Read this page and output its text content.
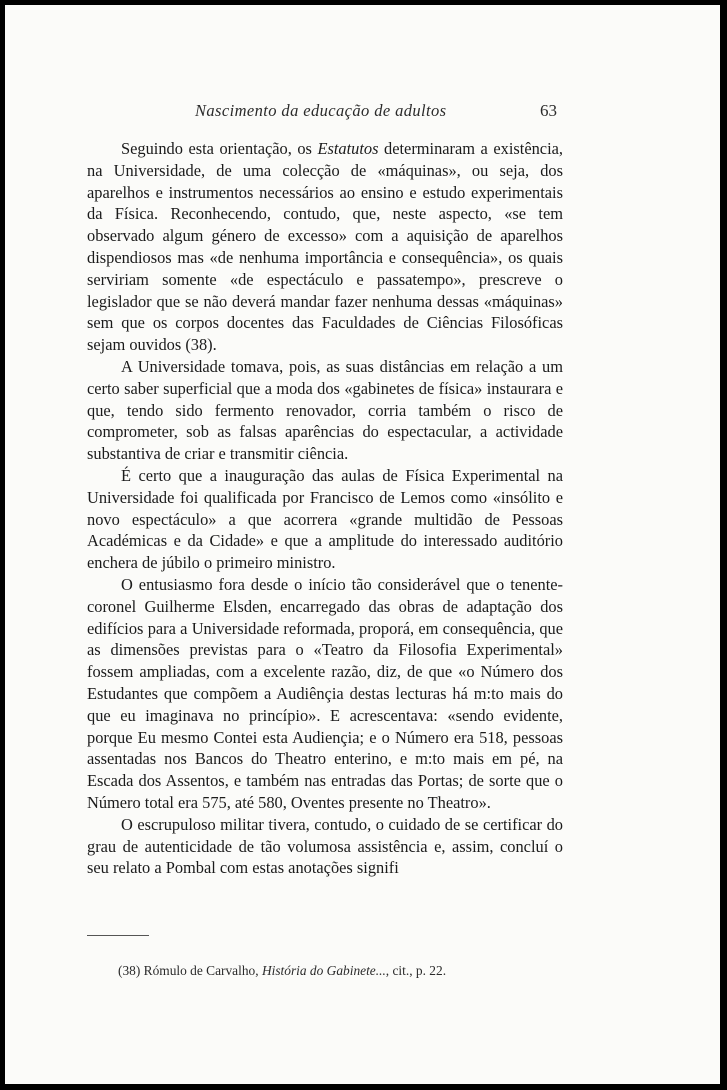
Nascimento da educação de adultos	63

Seguindo esta orientação, os Estatutos determinaram a existência, na Universidade, de uma colecção de «máquinas», ou seja, dos aparelhos e instrumentos necessários ao ensino e estudo experimentais da Física. Reconhecendo, contudo, que, neste aspecto, «se tem observado algum género de excesso» com a aquisição de aparelhos dispendiosos mas «de nenhuma importância e consequência», os quais serviriam somente «de espectáculo e passatempo», prescreve o legislador que se não deverá mandar fazer nenhuma dessas «máquinas» sem que os corpos docentes das Faculdades de Ciências Filosóficas sejam ouvidos (38).

A Universidade tomava, pois, as suas distâncias em relação a um certo saber superficial que a moda dos «gabinetes de física» instaurara e que, tendo sido fermento renovador, corria também o risco de comprometer, sob as falsas aparências do espectacular, a actividade substantiva de criar e transmitir ciência.

É certo que a inauguração das aulas de Física Experimental na Universidade foi qualificada por Francisco de Lemos como «insólito e novo espectáculo» a que acorrera «grande multidão de Pessoas Académicas e da Cidade» e que a amplitude do interessado auditório enchera de júbilo o primeiro ministro.

O entusiasmo fora desde o início tão considerável que o tenente-coronel Guilherme Elsden, encarregado das obras de adaptação dos edifícios para a Universidade reformada, proporá, em consequência, que as dimensões previstas para o «Teatro da Filosofia Experimental» fossem ampliadas, com a excelente razão, diz, de que «o Número dos Estudantes que compõem a Audiênçia destas lecturas há m:to mais do que eu imaginava no princípio». E acrescentava: «sendo evidente, porque Eu mesmo Contei esta Audiençia; e o Número era 518, pessoas assentadas nos Bancos do Theatro enterino, e m:to mais em pé, na Escada dos Assentos, e também nas entradas das Portas; de sorte que o Número total era 575, até 580, Oventes presente no Theatro».

O escrupuloso militar tivera, contudo, o cuidado de se certificar do grau de autenticidade de tão volumosa assistência e, assim, concluí o seu relato a Pombal com estas anotações signifi

(38) Rómulo de Carvalho, História do Gabinete..., cit., p. 22.
